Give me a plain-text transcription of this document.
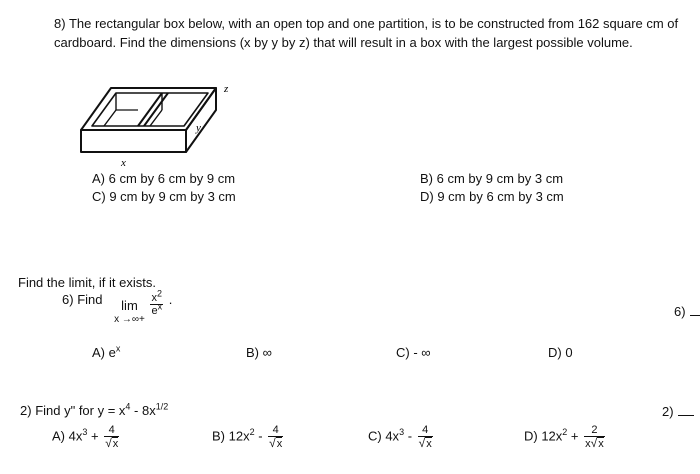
8) The rectangular box below, with an open top and one partition, is to be constructed from 162 square cm of cardboard. Find the dimensions (x by y by z) that will result in a box with the largest possible volume.
z
y
x
A) 6 cm by 6 cm by 9 cm
C) 9 cm by 9 cm by 3 cm
B) 6 cm by 9 cm by 3 cm
D) 9 cm by 6 cm by 3 cm
Find the limit, if it exists.
6) Find	lim
x →∞+

$\frac{x^2}{e^x}$ .
6)
A) $e^x$	B) ∞	C) - ∞	D) 0
2) Find y" for $y = x^4 - 8x^{1/2}$	2)
A) $4x^3 + \frac{4}{√x}$	B) $12x^2 - \frac{4}{√x}$	C) $4x^3 - \frac{4}{√x}$	D) $12x^2 + \frac{2}{x√x}$
